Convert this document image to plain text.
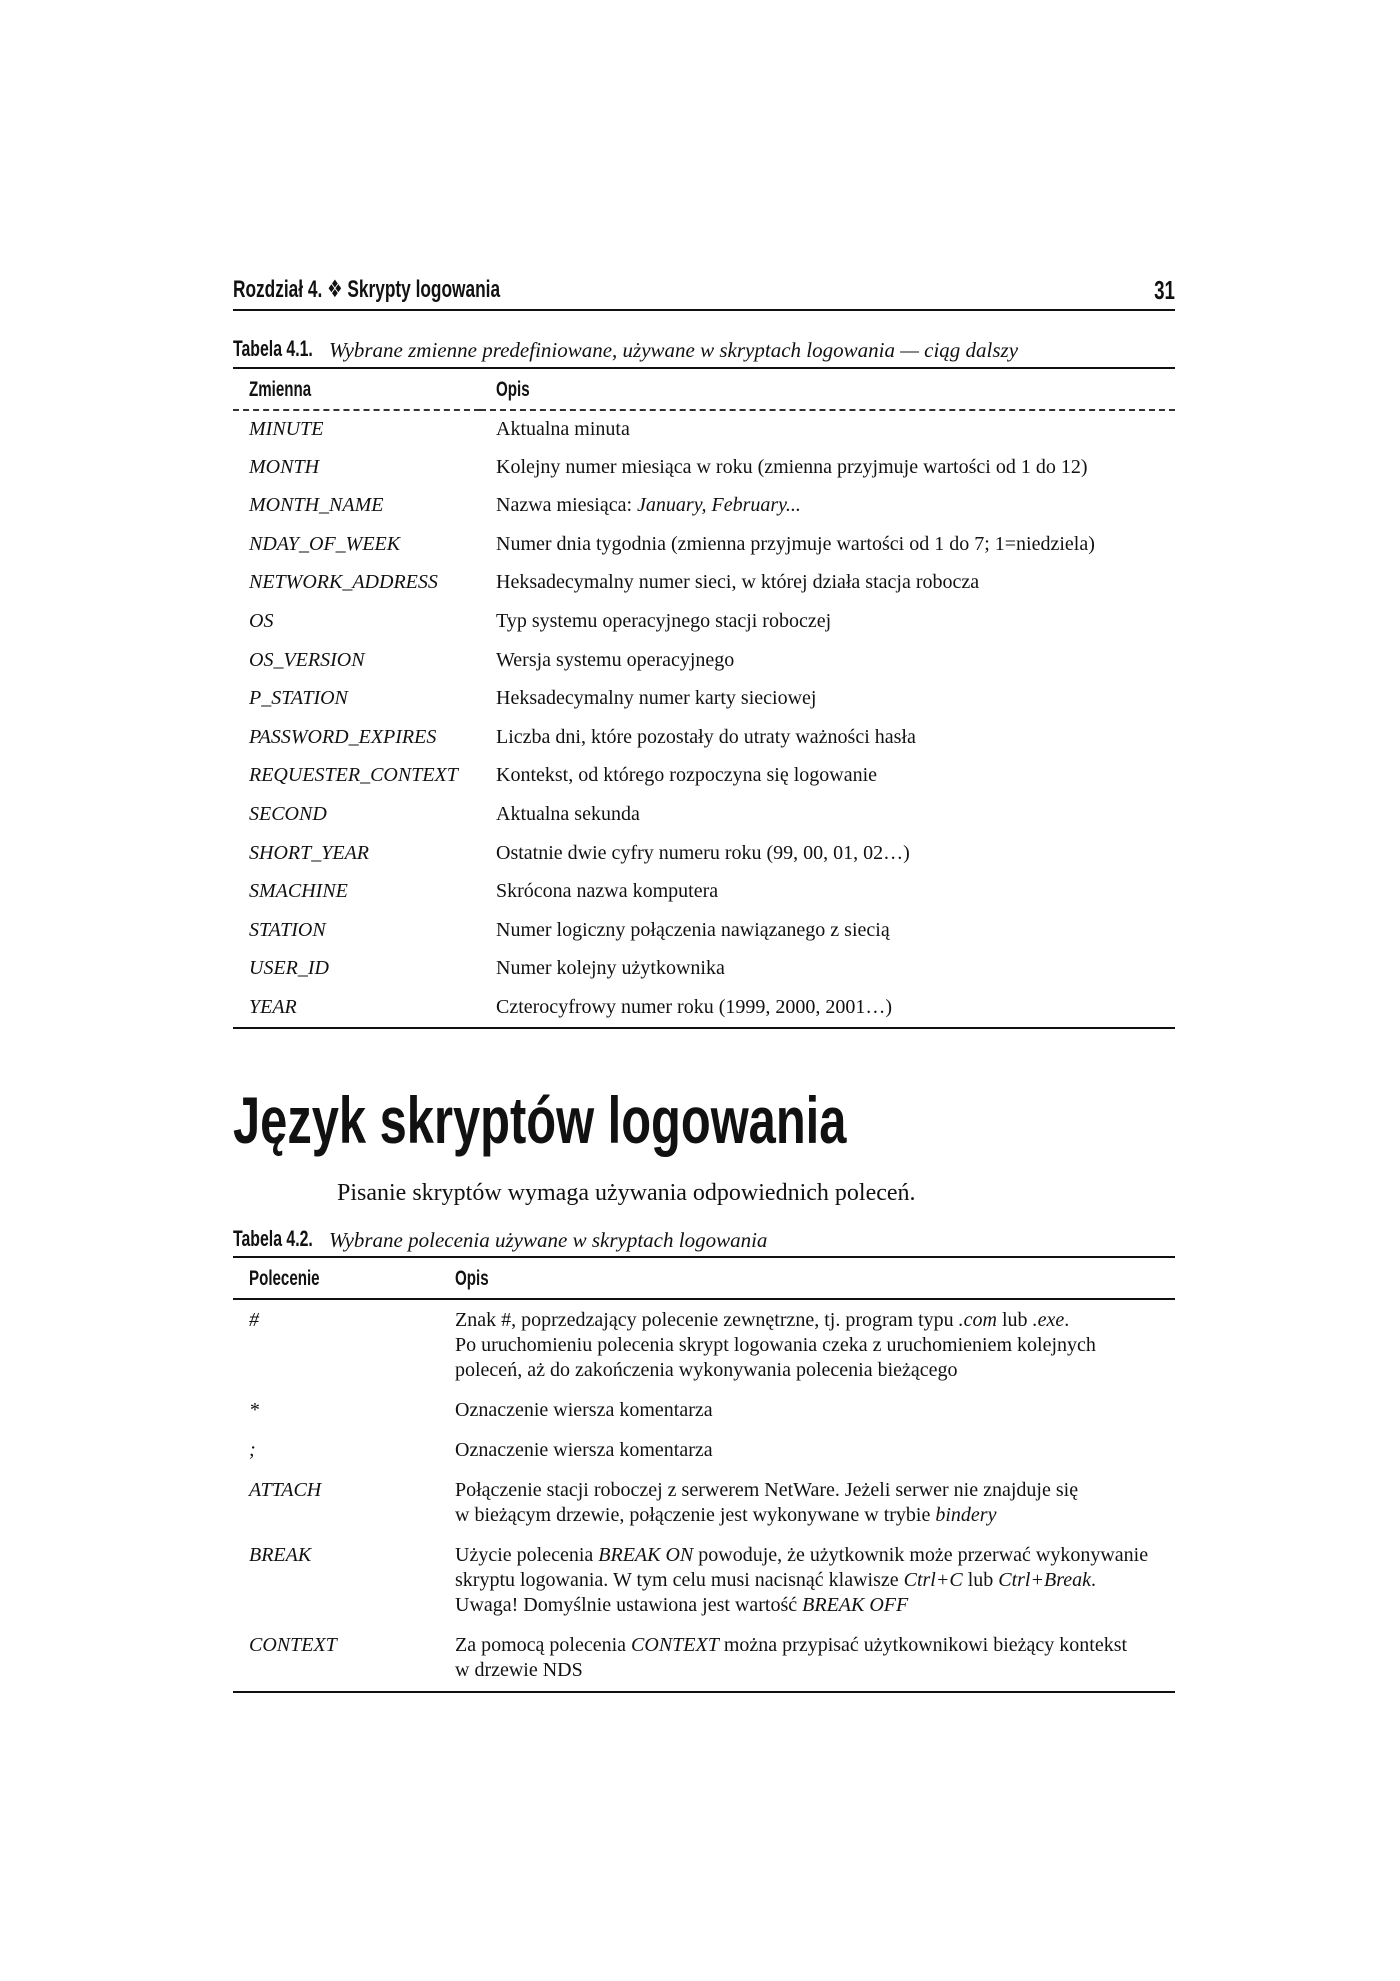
Rozdział 4. ❖ Skrypty logowania	31
Tabela 4.1. Wybrane zmienne predefiniowane, używane w skryptach logowania — ciąg dalszy
Zmienna	Opis
MINUTE	Aktualna minuta
MONTH	Kolejny numer miesiąca w roku (zmienna przyjmuje wartości od 1 do 12)
MONTH_NAME	Nazwa miesiąca: January, February...
NDAY_OF_WEEK	Numer dnia tygodnia (zmienna przyjmuje wartości od 1 do 7; 1=niedziela)
NETWORK_ADDRESS	Heksadecymalny numer sieci, w której działa stacja robocza
OS	Typ systemu operacyjnego stacji roboczej
OS_VERSION	Wersja systemu operacyjnego
P_STATION	Heksadecymalny numer karty sieciowej
PASSWORD_EXPIRES	Liczba dni, które pozostały do utraty ważności hasła
REQUESTER_CONTEXT	Kontekst, od którego rozpoczyna się logowanie
SECOND	Aktualna sekunda
SHORT_YEAR	Ostatnie dwie cyfry numeru roku (99, 00, 01, 02…)
SMACHINE	Skrócona nazwa komputera
STATION	Numer logiczny połączenia nawiązanego z siecią
USER_ID	Numer kolejny użytkownika
YEAR	Czterocyfrowy numer roku (1999, 2000, 2001…)
Język skryptów logowania
Pisanie skryptów wymaga używania odpowiednich poleceń.
Tabela 4.2. Wybrane polecenia używane w skryptach logowania
Polecenie	Opis
#	Znak #, poprzedzający polecenie zewnętrzne, tj. program typu .com lub .exe.
Po uruchomieniu polecenia skrypt logowania czeka z uruchomieniem kolejnych
poleceń, aż do zakończenia wykonywania polecenia bieżącego

*	Oznaczenie wiersza komentarza

;	Oznaczenie wiersza komentarza

ATTACH	Połączenie stacji roboczej z serwerem NetWare. Jeżeli serwer nie znajduje się
w bieżącym drzewie, połączenie jest wykonywane w trybie bindery

BREAK	Użycie polecenia BREAK ON powoduje, że użytkownik może przerwać wykonywanie
skryptu logowania. W tym celu musi nacisnąć klawisze Ctrl+C lub Ctrl+Break.
Uwaga! Domyślnie ustawiona jest wartość BREAK OFF

CONTEXT	Za pomocą polecenia CONTEXT można przypisać użytkownikowi bieżący kontekst
w drzewie NDS
